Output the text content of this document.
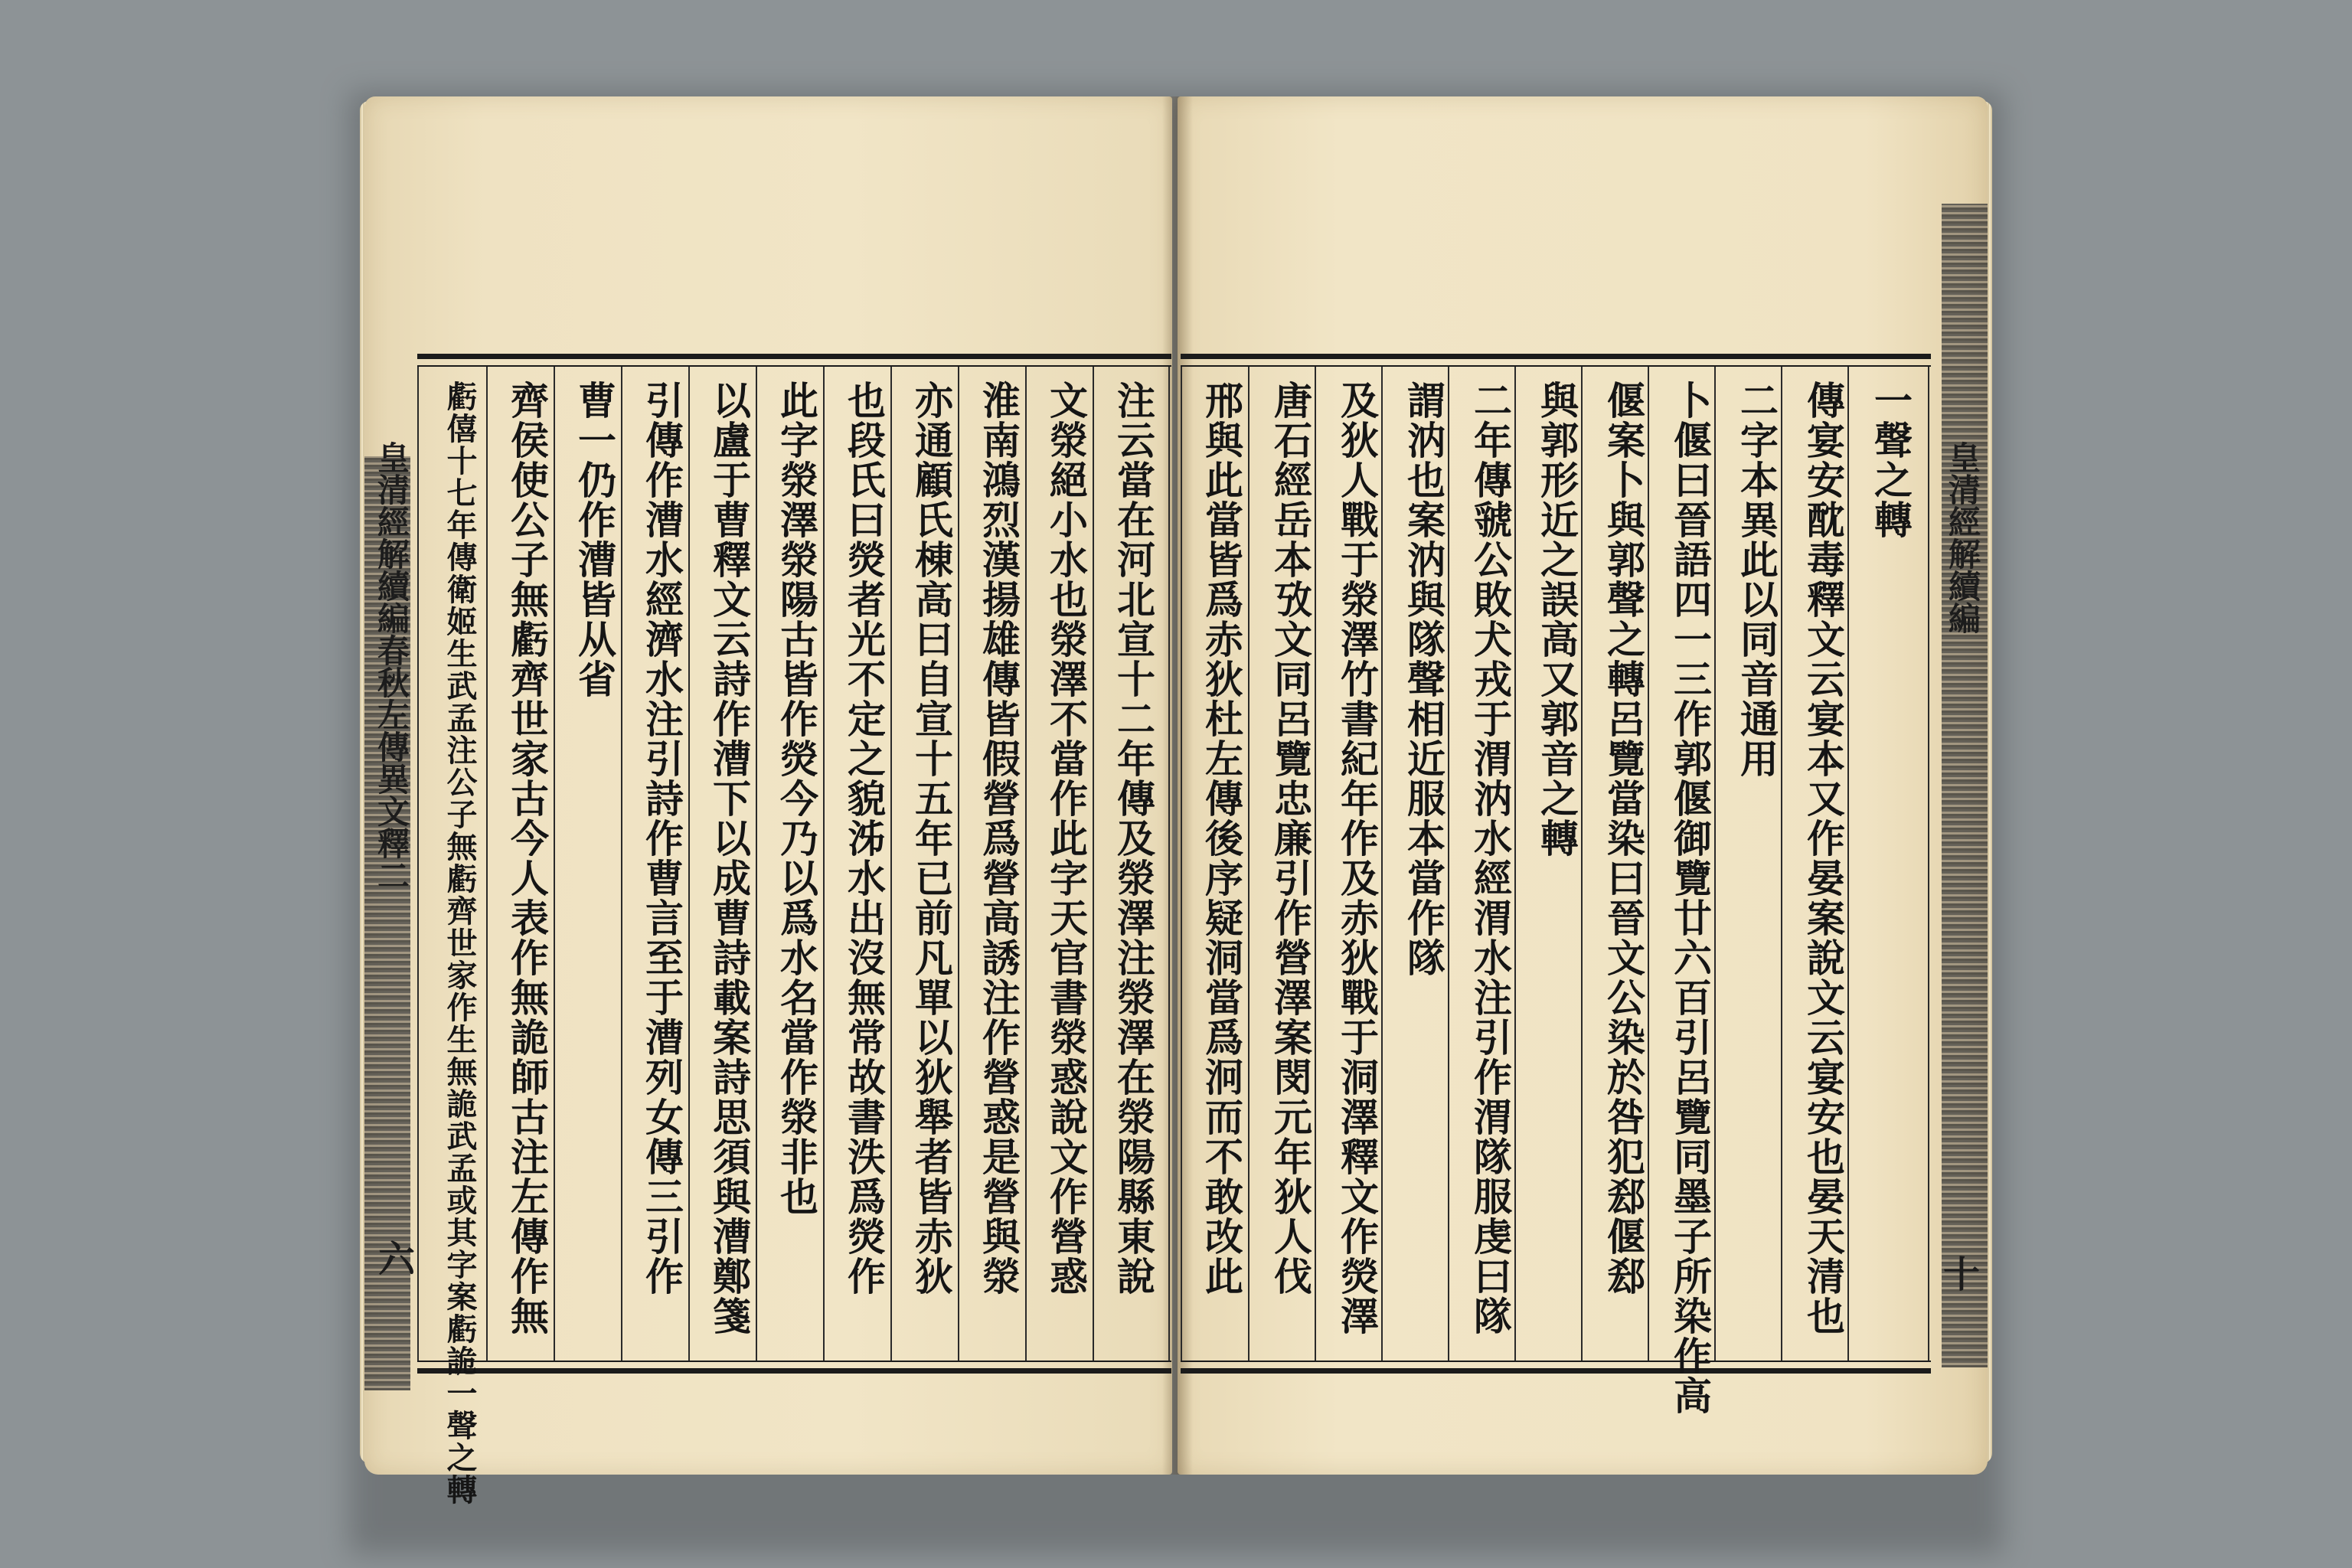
皇清經解續編春秋左傳異文釋二
六
皇清經解續編
十
一聲之轉
傳宴安酖毒釋文云宴本又作晏案說文云宴安也晏天清也
二字本異此以同音通用
卜偃曰晉語四一三作郭偃御覽廿六百引呂覽同墨子所染作高
偃案卜與郭聲之轉呂覽當染曰晉文公染於咎犯郄偃郄
與郭形近之誤高又郭音之轉
二年傳虢公敗犬戎于渭汭水經渭水注引作渭隊服虔曰隊
謂汭也案汭與隊聲相近服本當作隊
及狄人戰于滎澤竹書紀年作及赤狄戰于洞澤釋文作熒澤
唐石經岳本攷文同呂覽忠廉引作營澤案閔元年狄人伐
邢與此當皆爲赤狄杜左傳後序疑洞當爲泂而不敢改此
注云當在河北宣十二年傳及滎澤注滎澤在滎陽縣東說
文滎絕小水也滎澤不當作此字天官書滎惑說文作營惑
淮南鴻烈漢揚雄傳皆假營爲營高誘注作營惑是營與滎
亦通顧氏棟高曰自宣十五年已前凡單以狄舉者皆赤狄
也段氏曰熒者光不定之貌泲水出沒無常故書泆爲熒作
此字滎澤滎陽古皆作熒今乃以爲水名當作滎非也
以盧于曹釋文云詩作漕下以成曹詩載案詩思須與漕鄭箋
引傳作漕水經濟水注引詩作曹言至于漕列女傳三引作
曹一仍作漕皆从省
齊侯使公子無虧齊世家古今人表作無詭師古注左傳作無
虧僖十七年傳衛姬生武孟注公子無虧齊世家作生無詭武孟或其字案虧詭一聲之轉
